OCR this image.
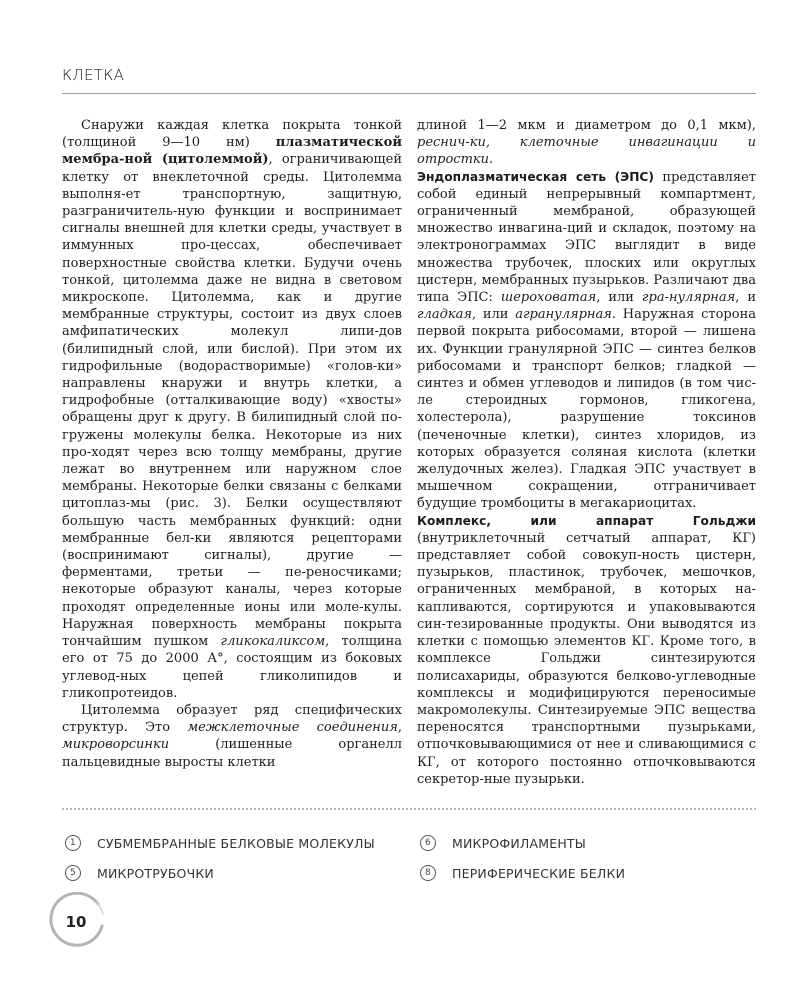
КЛЕТКА

Снаружи каждая клетка покрыта тонкой (толщиной 9—10 нм) плазматической мембра-ной (цитолеммой), ограничивающей клетку от внеклеточной среды. Цитолемма выполня-ет транспортную, защитную, разграничитель-ную функции и воспринимает сигналы внешней для клетки среды, участвует в иммунных про-цессах, обеспечивает поверхностные свойства клетки. Будучи очень тонкой, цитолемма даже не видна в световом микроскопе. Цитолемма, как и другие мембранные структуры, состоит из двух слоев амфипатических молекул липи-дов (билипидный слой, или бислой). При этом их гидрофильные (водорастворимые) «голов-ки» направлены кнаружи и внутрь клетки, а гидрофобные (отталкивающие воду) «хвосты» обращены друг к другу. В билипидный слой по-гружены молекулы белка. Некоторые из них про-ходят через всю толщу мембраны, другие лежат во внутреннем или наружном слое мембраны. Некоторые белки связаны с белками цитоплаз-мы (рис. 3). Белки осуществляют большую часть мембранных функций: одни мембранные бел-ки являются рецепторами (воспринимают сигналы), другие — ферментами, третьи — пе-реносчиками; некоторые образуют каналы, через которые проходят определенные ионы или моле-кулы. Наружная поверхность мембраны покрыта тончайшим пушком гликокаликсом, толщина его от 75 до 2000 А°, состоящим из боковых углевод-ных цепей гликолипидов и гликопротеидов.

Цитолемма образует ряд специфических структур. Это межклеточные соединения, микроворсинки (лишенные органелл пальцевидные выросты клетки

длиной 1—2 мкм и диаметром до 0,1 мкм), реснич-ки, клеточные инвагинации и отростки.

Эндоплазматическая сеть (ЭПС) представляет собой единый непрерывный компартмент, ограниченный мембраной, образующей множество инвагина-ций и складок, поэтому на электронограммах ЭПС выглядит в виде множества трубочек, плоских или округлых цистерн, мембранных пузырьков. Различают два типа ЭПС: шероховатая, или гра-нулярная, и гладкая, или агранулярная. Наружная сторона первой покрыта рибосомами, второй — лишена их. Функции гранулярной ЭПС — синтез белков рибосомами и транспорт белков; гладкой — синтез и обмен углеводов и липидов (в том чис-ле стероидных гормонов, гликогена, холестерола), разрушение токсинов (печеночные клетки), синтез хлоридов, из которых образуется соляная кислота (клетки желудочных желез). Гладкая ЭПС участвует в мышечном сокращении, отграничивает будущие тромбоциты в мегакариоцитах.

Комплекс, или аппарат Гольджи (внутриклеточный сетчатый аппарат, КГ) представляет собой совокуп-ность цистерн, пузырьков, пластинок, трубочек, мешочков, ограниченных мембраной, в которых на-капливаются, сортируются и упаковываются син-тезированные продукты. Они выводятся из клетки с помощью элементов КГ. Кроме того, в комплексе Гольджи синтезируются полисахариды, образуются белково-углеводные комплексы и модифицируются переносимые макромолекулы. Синтезируемые ЭПС вещества переносятся транспортными пузырьками, отпочковывающимися от нее и сливающимися с КГ, от которого постоянно отпочковываются секретор-ные пузырьки.

1	СУБМЕМБРАННЫЕ БЕЛКОВЫЕ МОЛЕКУЛЫ	6	МИКРОФИЛАМЕНТЫ
5	МИКРОТРУБОЧКИ	8	ПЕРИФЕРИЧЕСКИЕ БЕЛКИ
10
